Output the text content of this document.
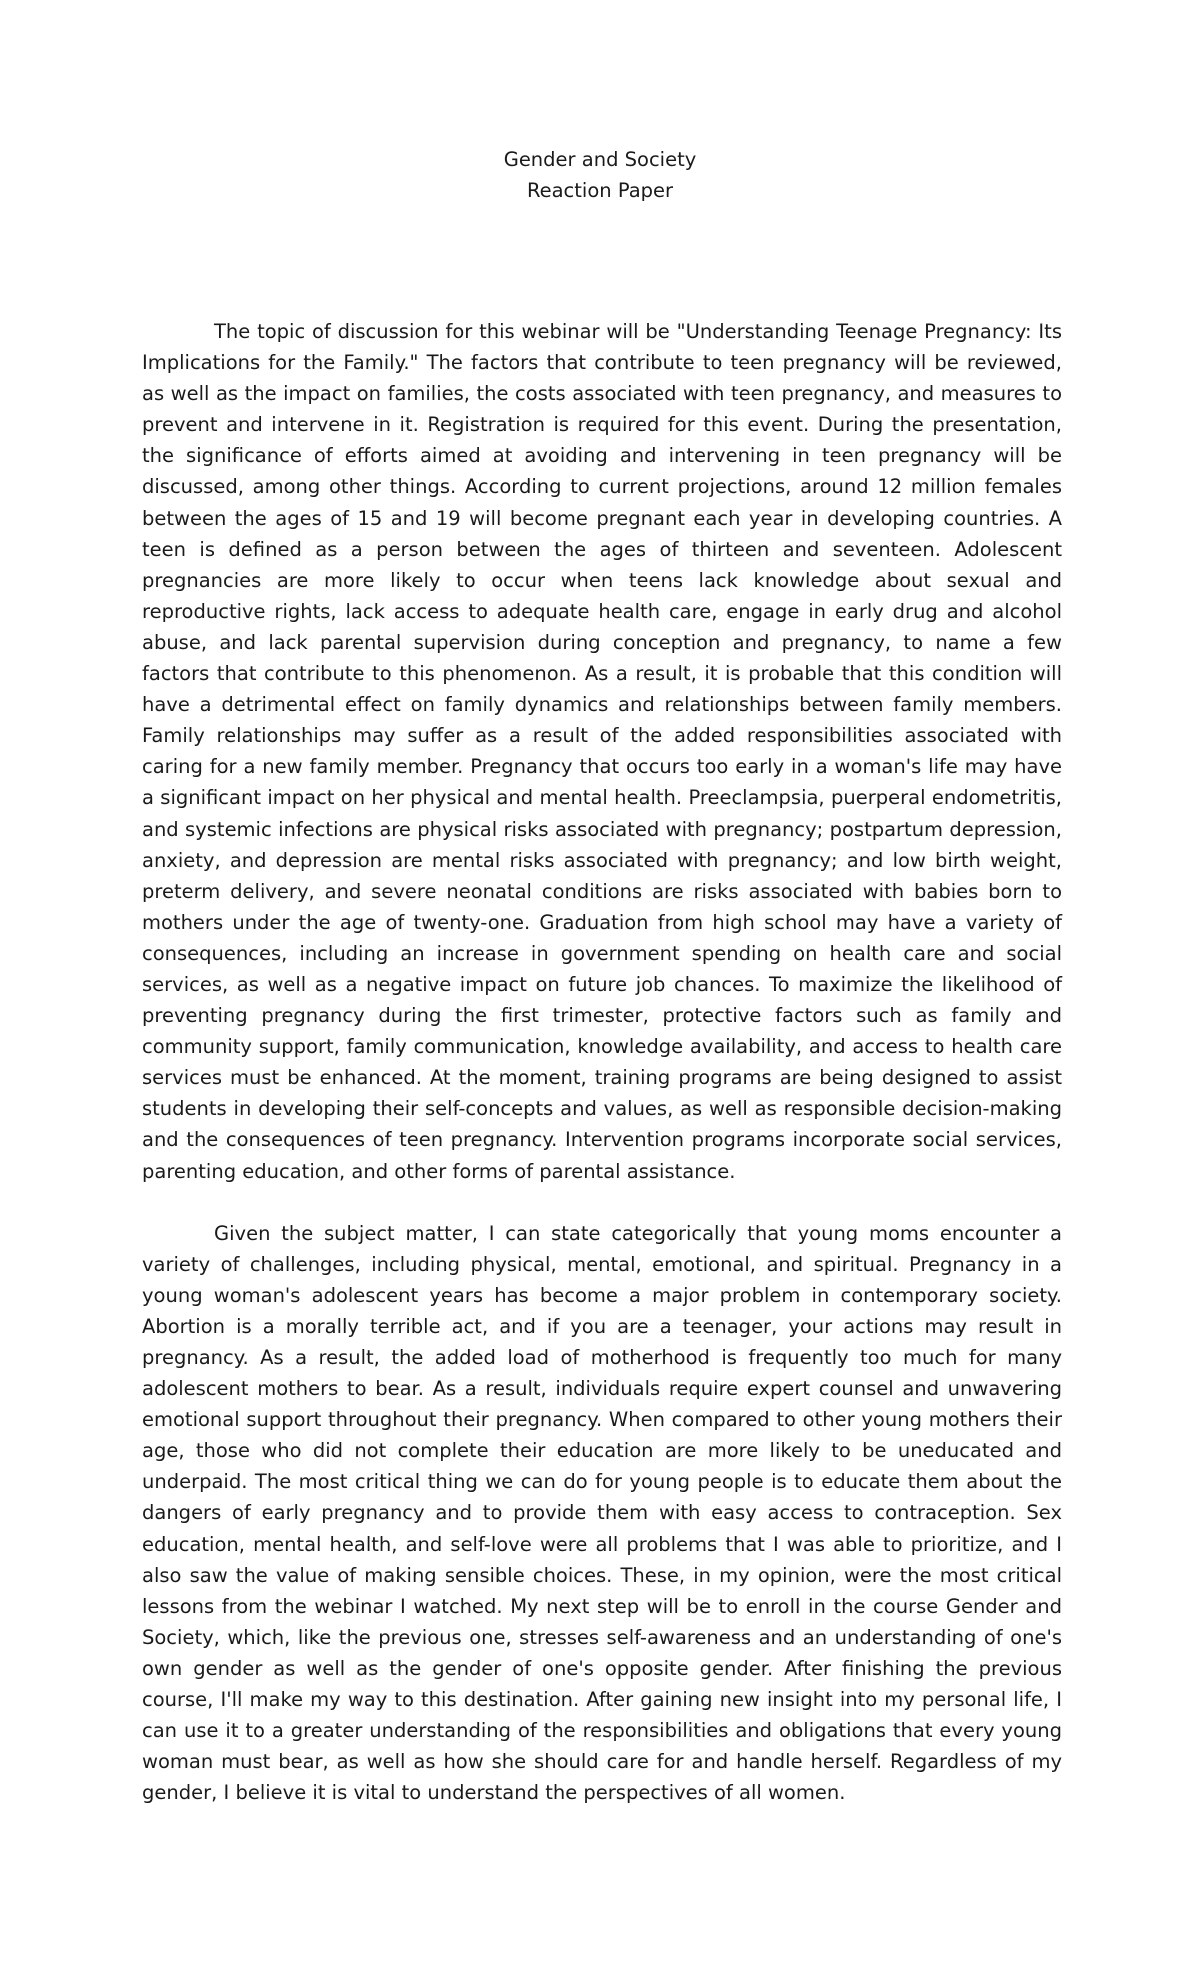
Gender and Society
Reaction Paper

The topic of discussion for this webinar will be "Understanding Teenage Pregnancy: Its Implications for the Family." The factors that contribute to teen pregnancy will be reviewed, as well as the impact on families, the costs associated with teen pregnancy, and measures to prevent and intervene in it. Registration is required for this event. During the presentation, the significance of efforts aimed at avoiding and intervening in teen pregnancy will be discussed, among other things. According to current projections, around 12 million females between the ages of 15 and 19 will become pregnant each year in developing countries. A teen is defined as a person between the ages of thirteen and seventeen. Adolescent pregnancies are more likely to occur when teens lack knowledge about sexual and reproductive rights, lack access to adequate health care, engage in early drug and alcohol abuse, and lack parental supervision during conception and pregnancy, to name a few factors that contribute to this phenomenon. As a result, it is probable that this condition will have a detrimental effect on family dynamics and relationships between family members. Family relationships may suffer as a result of the added responsibilities associated with caring for a new family member. Pregnancy that occurs too early in a woman's life may have a significant impact on her physical and mental health. Preeclampsia, puerperal endometritis, and systemic infections are physical risks associated with pregnancy; postpartum depression, anxiety, and depression are mental risks associated with pregnancy; and low birth weight, preterm delivery, and severe neonatal conditions are risks associated with babies born to mothers under the age of twenty-one. Graduation from high school may have a variety of consequences, including an increase in government spending on health care and social services, as well as a negative impact on future job chances. To maximize the likelihood of preventing pregnancy during the first trimester, protective factors such as family and community support, family communication, knowledge availability, and access to health care services must be enhanced. At the moment, training programs are being designed to assist students in developing their self-concepts and values, as well as responsible decision-making and the consequences of teen pregnancy. Intervention programs incorporate social services, parenting education, and other forms of parental assistance.

Given the subject matter, I can state categorically that young moms encounter a variety of challenges, including physical, mental, emotional, and spiritual. Pregnancy in a young woman's adolescent years has become a major problem in contemporary society. Abortion is a morally terrible act, and if you are a teenager, your actions may result in pregnancy. As a result, the added load of motherhood is frequently too much for many adolescent mothers to bear. As a result, individuals require expert counsel and unwavering emotional support throughout their pregnancy. When compared to other young mothers their age, those who did not complete their education are more likely to be uneducated and underpaid. The most critical thing we can do for young people is to educate them about the dangers of early pregnancy and to provide them with easy access to contraception. Sex education, mental health, and self-love were all problems that I was able to prioritize, and I also saw the value of making sensible choices. These, in my opinion, were the most critical lessons from the webinar I watched. My next step will be to enroll in the course Gender and Society, which, like the previous one, stresses self-awareness and an understanding of one's own gender as well as the gender of one's opposite gender. After finishing the previous course, I'll make my way to this destination. After gaining new insight into my personal life, I can use it to a greater understanding of the responsibilities and obligations that every young woman must bear, as well as how she should care for and handle herself. Regardless of my gender, I believe it is vital to understand the perspectives of all women.
